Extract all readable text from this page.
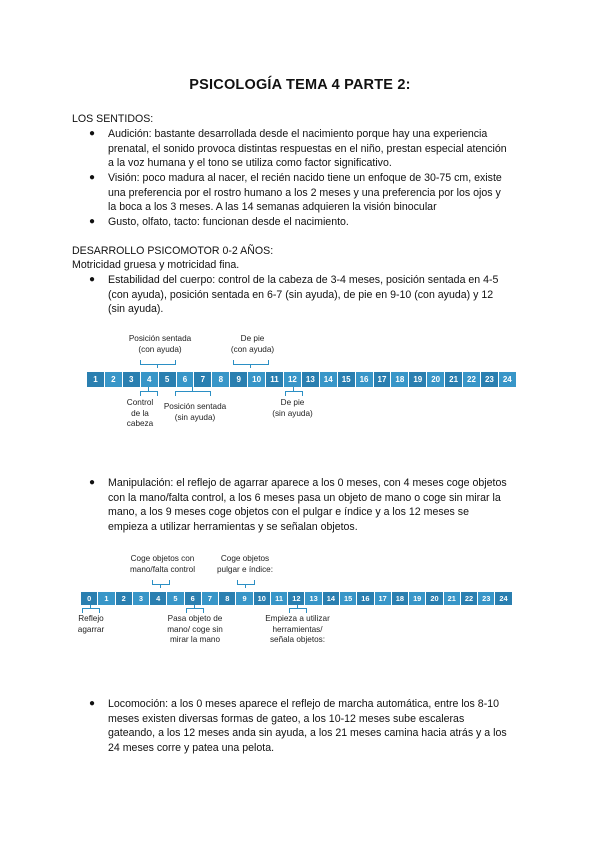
PSICOLOGÍA TEMA 4 PARTE 2:
LOS SENTIDOS:
● Audición: bastante desarrollada desde el nacimiento porque hay una experiencia
prenatal, el sonido provoca distintas respuestas en el niño, prestan especial atención
a la voz humana y el tono se utiliza como factor significativo.
● Visión: poco madura al nacer, el recién nacido tiene un enfoque de 30-75 cm, existe
una preferencia por el rostro humano a los 2 meses y una preferencia por los ojos y
la boca a los 3 meses. A las 14 semanas adquieren la visión binocular
● Gusto, olfato, tacto: funcionan desde el nacimiento.
DESARROLLO PSICOMOTOR 0-2 AÑOS:
Motricidad gruesa y motricidad fina.
● Estabilidad del cuerpo: control de la cabeza de 3-4 meses, posición sentada en 4-5
(con ayuda), posición sentada en 6-7 (sin ayuda), de pie en 9-10 (con ayuda) y 12
(sin ayuda).
1	2	3	4	5	6	7	8	9	10	11	12	13	14	15	16	17	18	19	20	21	22	23	24
Posición sentada
(con ayuda)
De pie
(con ayuda)
Control
de la
cabeza
Posición sentada
(sin ayuda)
De pie
(sin ayuda)
● Manipulación: el reflejo de agarrar aparece a los 0 meses, con 4 meses coge objetos
con la mano/falta control, a los 6 meses pasa un objeto de mano o coge sin mirar la
mano, a los 9 meses coge objetos con el pulgar e índice y a los 12 meses se
empieza a utilizar herramientas y se señalan objetos.
0	1	2	3	4	5	6	7	8	9	10	11	12	13	14	15	16	17	18	19	20	21	22	23	24
Coge objetos con
mano/falta control
Coge objetos
pulgar e índice:
Reflejo
agarrar
Pasa objeto de
mano/ coge sin
mirar la mano
Empieza a utilizar
herramientas/
señala objetos:
● Locomoción: a los 0 meses aparece el reflejo de marcha automática, entre los 8-10
meses existen diversas formas de gateo, a los 10-12 meses sube escaleras
gateando, a los 12 meses anda sin ayuda, a los 21 meses camina hacia atrás y a los
24 meses corre y patea una pelota.
